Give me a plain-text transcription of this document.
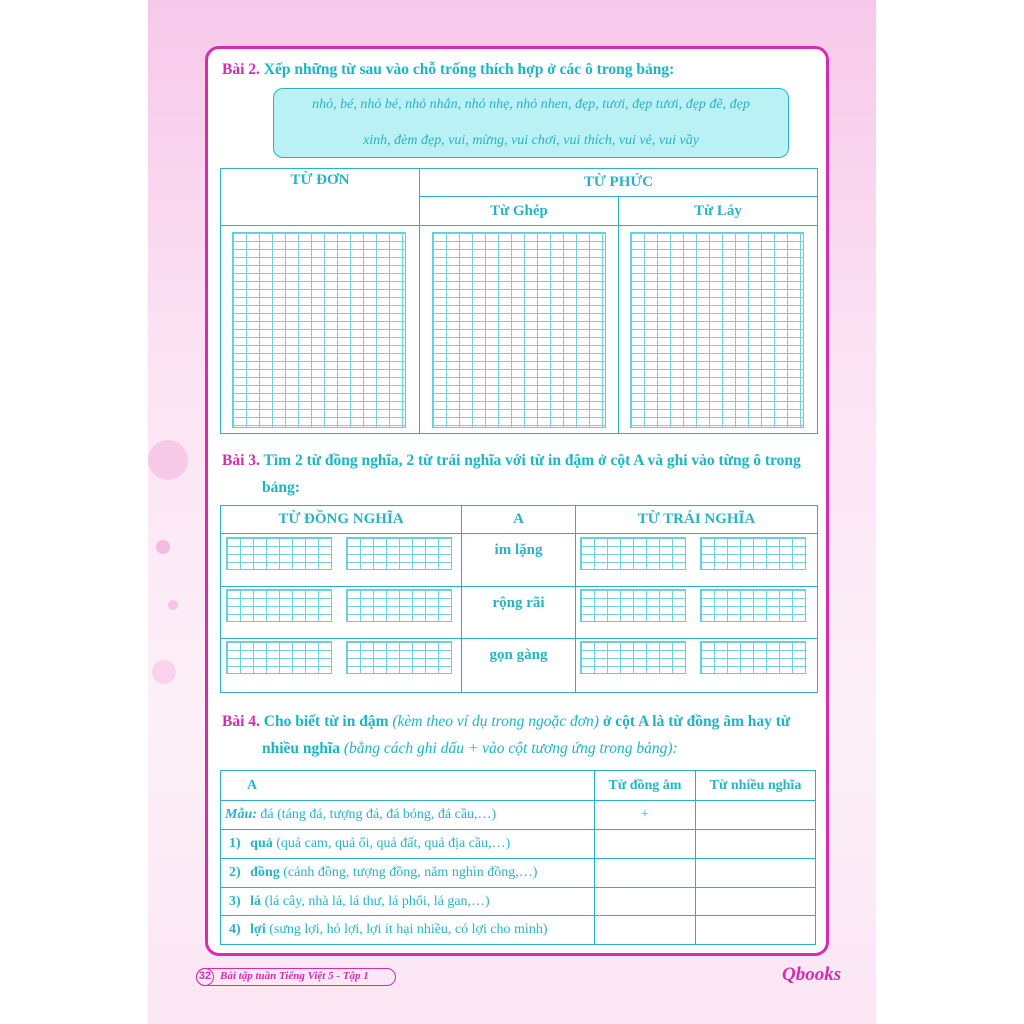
Bài 2. Xếp những từ sau vào chỗ trống thích hợp ở các ô trong bảng:
nhỏ, bé, nhỏ bé, nhỏ nhắn, nhỏ nhẹ, nhỏ nhen, đẹp, tươi, đẹp tươi, đẹp đẽ, đẹp
xinh, đèm đẹp, vui, mừng, vui chơi, vui thích, vui vẻ, vui vầy
TỪ ĐƠN	TỪ PHỨC	
	Từ Ghép	Từ Láy

Bài 3. Tìm 2 từ đồng nghĩa, 2 từ trái nghĩa với từ in đậm ở cột A và ghi vào từng ô trong
bảng:
TỪ ĐỒNG NGHĨA	A	TỪ TRÁI NGHĨA
	im lặng	
	rộng rãi	
	gọn gàng	
Bài 4. Cho biết từ in đậm (kèm theo ví dụ trong ngoặc đơn) ở cột A là từ đồng âm hay từ
nhiều nghĩa (bằng cách ghi dấu + vào cột tương ứng trong bảng):
A	Từ đồng âm	Từ nhiều nghĩa
Mẫu: đá (táng đá, tượng đá, đá bóng, đá cầu,…)	+	
1) quả (quả cam, quả ổi, quả đất, quả địa cầu,…)		
2) đồng (cánh đồng, tượng đồng, năm nghìn đồng,…)		
3) lá (lá cây, nhà lá, lá thư, lá phổi, lá gan,…)		
4) lợi (sưng lợi, hỏ lợi, lợi ít hại nhiều, có lợi cho mình)		
32 Bài tập tuần Tiếng Việt 5 - Tập 1	Qbooks
